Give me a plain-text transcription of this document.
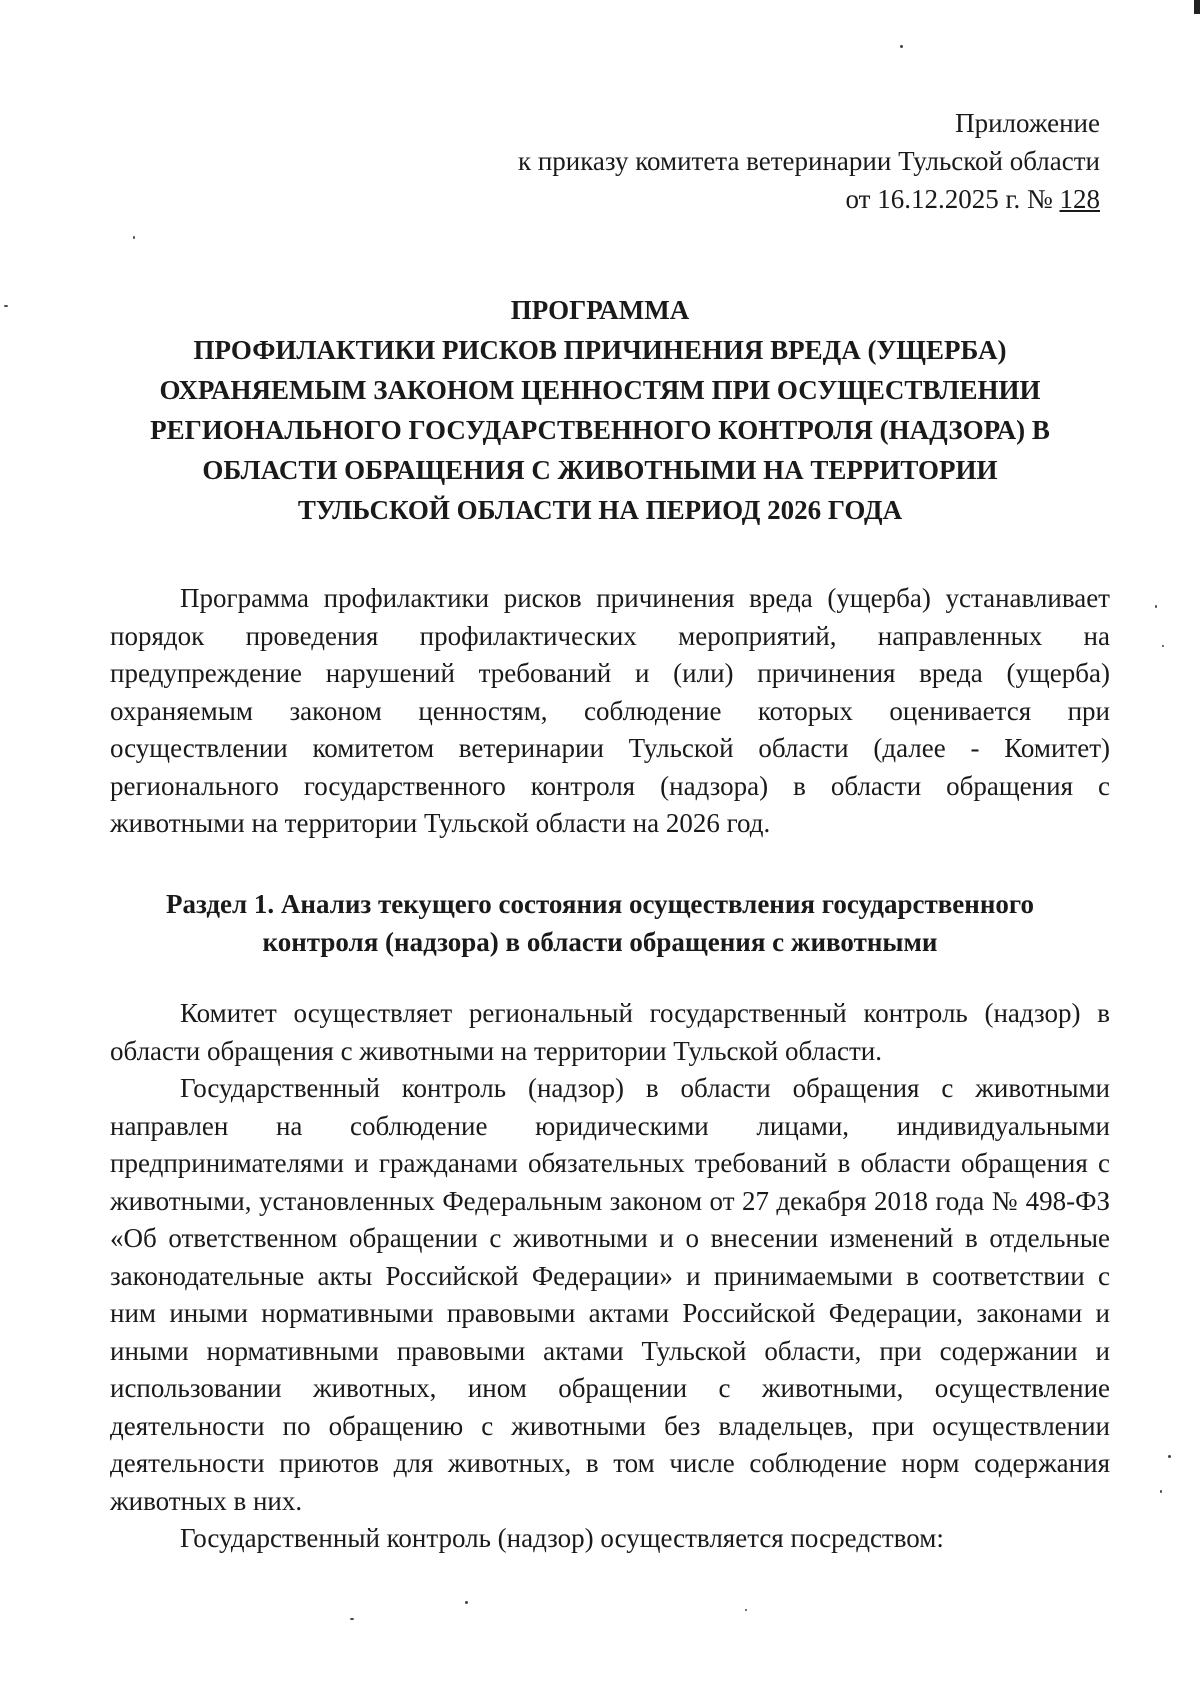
Приложение
к приказу комитета ветеринарии Тульской области
от 16.12.2025 г. № 128
ПРОГРАММА
ПРОФИЛАКТИКИ РИСКОВ ПРИЧИНЕНИЯ ВРЕДА (УЩЕРБА)
ОХРАНЯЕМЫМ ЗАКОНОМ ЦЕННОСТЯМ ПРИ ОСУЩЕСТВЛЕНИИ
РЕГИОНАЛЬНОГО ГОСУДАРСТВЕННОГО КОНТРОЛЯ (НАДЗОРА) В
ОБЛАСТИ ОБРАЩЕНИЯ С ЖИВОТНЫМИ НА ТЕРРИТОРИИ
ТУЛЬСКОЙ ОБЛАСТИ НА ПЕРИОД 2026 ГОДА

Программа профилактики рисков причинения вреда (ущерба) устанавливает порядок проведения профилактических мероприятий, направленных на предупреждение нарушений требований и (или) причинения вреда (ущерба) охраняемым законом ценностям, соблюдение которых оценивается при осуществлении комитетом ветеринарии Тульской области (далее - Комитет) регионального государственного контроля (надзора) в области обращения с животными на территории Тульской области на 2026 год.

Раздел 1. Анализ текущего состояния осуществления государственного
контроля (надзора) в области обращения с животными

Комитет осуществляет региональный государственный контроль (надзор) в области обращения с животными на территории Тульской области.

Государственный контроль (надзор) в области обращения с животными направлен на соблюдение юридическими лицами, индивидуальными предпринимателями и гражданами обязательных требований в области обращения с животными, установленных Федеральным законом от 27 декабря 2018 года № 498-ФЗ «Об ответственном обращении с животными и о внесении изменений в отдельные законодательные акты Российской Федерации» и принимаемыми в соответствии с ним иными нормативными правовыми актами Российской Федерации, законами и иными нормативными правовыми актами Тульской области, при содержании и использовании животных, ином обращении с животными, осуществление деятельности по обращению с животными без владельцев, при осуществлении деятельности приютов для животных, в том числе соблюдение норм содержания животных в них.

Государственный контроль (надзор) осуществляется посредством:
